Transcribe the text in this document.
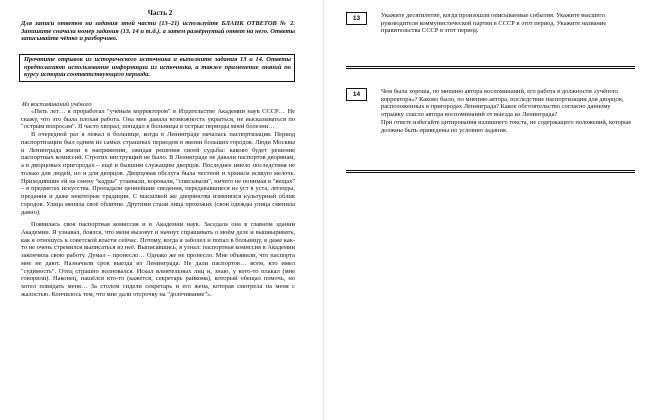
Часть 2
Для записи ответов на задания этой части (13–21) используйте БЛАНК ОТВЕТОВ № 2. Запишите сначала номер задания (13, 14 и т.д.), а затем развёрнутый ответ на него. Ответы записывайте чётко и разборчиво.
Прочтите отрывок из исторического источника и выполните задания 13 и 14. Ответы предполагают использование информации из источника, а также применение знаний по курсу истории соответствующего периода.
Из воспоминаний учёного

«Пять лет… я проработал "учёным корректором" в Издательстве Академии наук СССР… Не скажу, что это была плохая работа. Она мне давала возможность укрыться, не высказываться по "острым вопросам". Я часто хворал, попадал в больницы в острые периоды моей болезни…

В очередной раз я лежал в больнице, когда в Ленинграде началась паспортизация. Период паспортизации был одним из самых страшных периодов в жизни больших городов. Люди Москвы и Ленинграда жили в напряжении, ожидая решения своей судьбы: каково будет решение паспортных комиссий. Строгих инструкций не было. В Ленинграде не давали паспортов дворянам, а в дворцовых пригородах – ещё и бывшим служащим дворцов. Последнее имело последствия не только для людей, но и для дворцов. Дворцовая обслуга была честной и хранила всякую мелочь. Приходившие ей на смену "кадры" утаивали, воровали, "списывали", ничего не понимая в "вещах" – в предметах искусства. Пропадали ценнейшие сведения, передававшиеся из уст в уста, легенды, предания и даже некоторые традиции. С высылкой же дворянства изменялся культурный облик городов. Улица меняла своё обличие. Другими стали лица прохожих (свои одежды улица сменила давно).

Появилась своя паспортная комиссия и в Академии наук. Заседала она в главном здании Академии. Я узнавал, боялся, что меня вызовут и начнут спрашивать о моём деле и вышвыривать, как я отношусь к советской власти сейчас. Потому, когда я заболел и попал в больницу, я даже как-то не очень стремился выписаться из неё. Выписавшись, я узнал: паспортная комиссия в Академии закончила свою работу. Думал – пронесло… Однако же не пронесло. Мне объявили, что паспорта мне не дают. Назначили срок выезда из Ленинграда. Не дали паспортов… всем, кто имел "судимость". Отец страшно волновался. Искал влиятельных лиц и, знаю, у кого-то плакал (мне говорили). Наконец, нашёлся кто-то (кажется, секретарь райкома), который обещал помочь, но хотел повидать меня… За столом сидели секретарь и его жена, которая смотрела на меня с жалостью. Кончилось тем, что мне дали отсрочку на "долечивание"».

13	Укажите десятилетие, когда произошли описываемые события. Укажите высшего руководителя коммунистической партии в СССР в этот период. Укажите название правительства СССР в этот период.

14	Чем была хороша, по мнению автора воспоминаний, его работа в должности «учёного корректора»? Каково было, по мнению автора, последствие паспортизации для дворцов, расположенных в пригородах Ленинграда? Какое обстоятельство согласно данному отрывку спасло автора воспоминаний от выезда из Ленинграда?

При ответе избегайте цитирования излишнего текста, не содержащего положений, которые должны быть приведены по условию задания.
